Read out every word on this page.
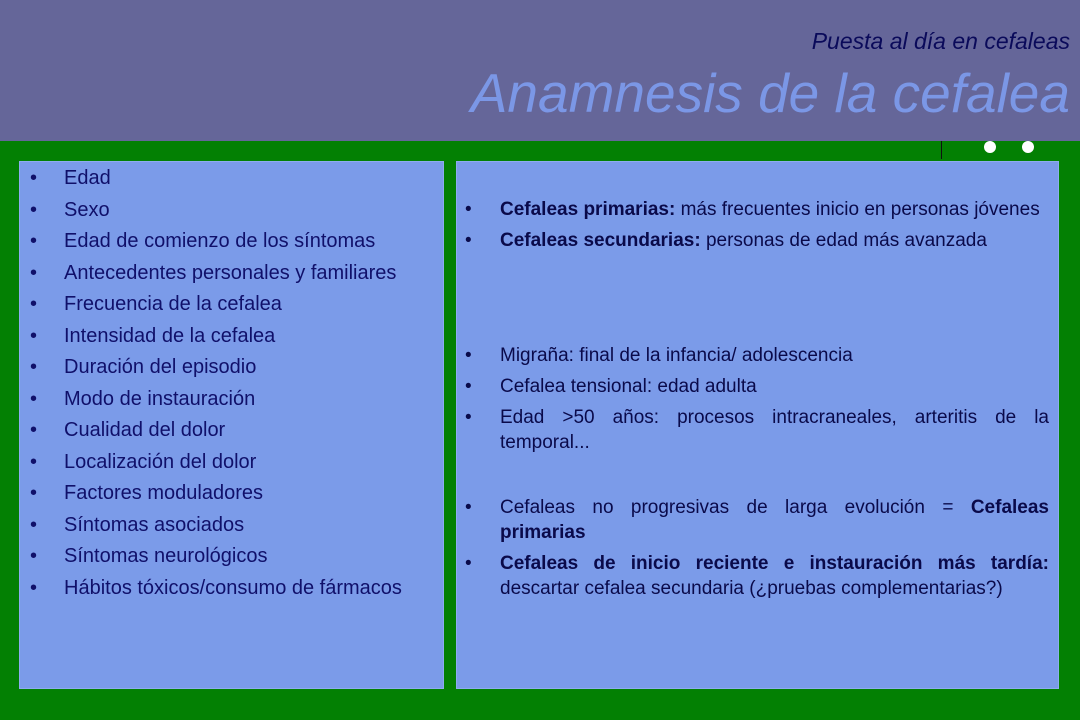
Puesta al día en cefaleas
Anamnesis de la cefalea
• Edad
• Sexo
• Edad de comienzo de los síntomas
• Antecedentes personales y familiares
• Frecuencia de la cefalea
• Intensidad de la cefalea
• Duración del episodio
• Modo de instauración
• Cualidad del dolor
• Localización del dolor
• Factores moduladores
• Síntomas asociados
• Síntomas neurológicos
• Hábitos tóxicos/consumo de fármacos
• Cefaleas primarias: más frecuentes inicio en personas jóvenes
• Cefaleas secundarias: personas de edad más avanzada
• Migraña: final de la infancia/ adolescencia
• Cefalea tensional: edad adulta
• Edad >50 años: procesos intracraneales, arteritis de la temporal...
• Cefaleas no progresivas de larga evolución = Cefaleas primarias
• Cefaleas de inicio reciente e instauración más tardía: descartar cefalea secundaria (¿pruebas complementarias?)
